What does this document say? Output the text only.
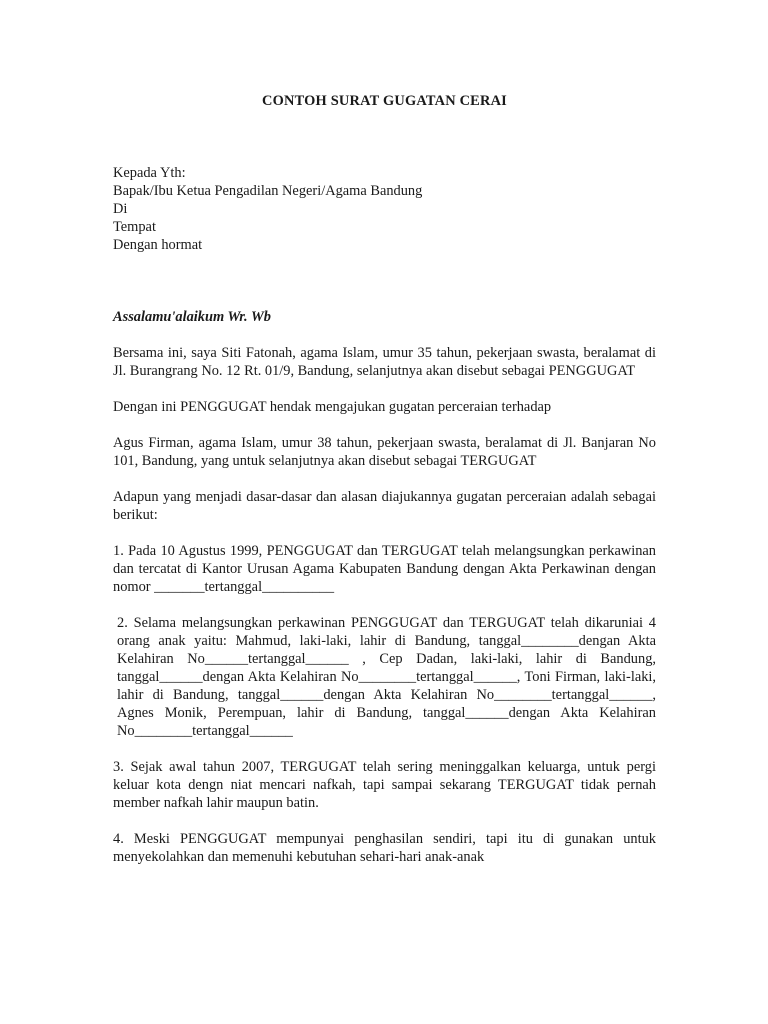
CONTOH SURAT GUGATAN CERAI
Kepada Yth:
Bapak/Ibu Ketua Pengadilan Negeri/Agama Bandung
Di
Tempat
Dengan hormat
Assalamu'alaikum Wr. Wb
Bersama ini, saya Siti Fatonah, agama Islam, umur 35 tahun, pekerjaan swasta, beralamat di Jl. Burangrang No. 12 Rt. 01/9, Bandung, selanjutnya akan disebut sebagai PENGGUGAT
Dengan ini PENGGUGAT hendak mengajukan gugatan perceraian terhadap
Agus Firman, agama Islam, umur 38 tahun, pekerjaan swasta, beralamat di Jl. Banjaran No 101, Bandung, yang untuk selanjutnya akan disebut sebagai TERGUGAT
Adapun yang menjadi dasar-dasar dan alasan diajukannya gugatan perceraian adalah sebagai berikut:
1. Pada 10 Agustus 1999, PENGGUGAT dan TERGUGAT telah melangsungkan perkawinan dan tercatat di Kantor Urusan Agama Kabupaten Bandung dengan Akta Perkawinan dengan nomor _______tertanggal__________
2. Selama melangsungkan perkawinan PENGGUGAT dan TERGUGAT telah dikaruniai 4 orang anak yaitu: Mahmud, laki-laki, lahir di Bandung, tanggal________dengan Akta Kelahiran No______tertanggal______ , Cep Dadan, laki-laki, lahir di Bandung, tanggal______dengan Akta Kelahiran No________tertanggal______, Toni Firman, laki-laki, lahir di Bandung, tanggal______dengan Akta Kelahiran No________tertanggal______, Agnes Monik, Perempuan, lahir di Bandung, tanggal______dengan Akta Kelahiran No________tertanggal______
3. Sejak awal tahun 2007, TERGUGAT telah sering meninggalkan keluarga, untuk pergi keluar kota dengn niat mencari nafkah, tapi sampai sekarang TERGUGAT tidak pernah member nafkah lahir maupun batin.
4. Meski PENGGUGAT mempunyai penghasilan sendiri, tapi itu di gunakan untuk menyekolahkan dan memenuhi kebutuhan sehari-hari anak-anak
